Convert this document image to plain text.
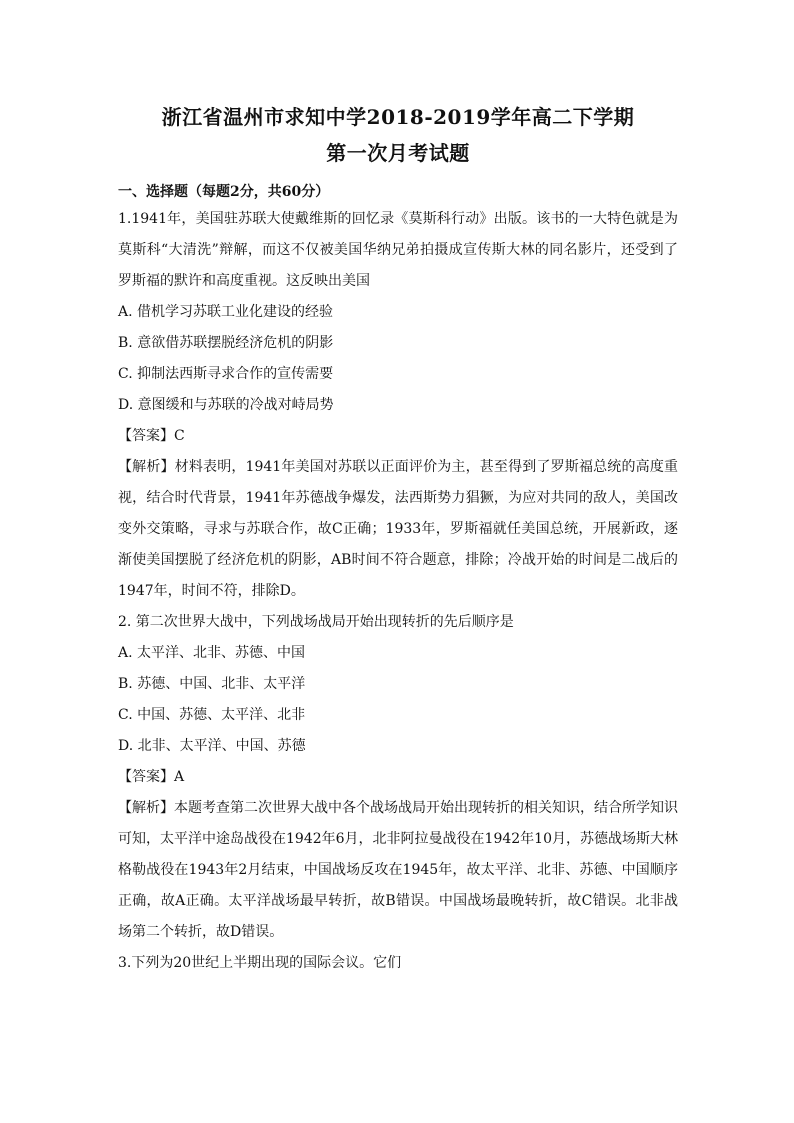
浙江省温州市求知中学2018-2019学年高二下学期
第一次月考试题
一、选择题（每题2分，共60分）
1.1941年，美国驻苏联大使戴维斯的回忆录《莫斯科行动》出版。该书的一大特色就是为莫斯科“大清洗”辩解，而这不仅被美国华纳兄弟拍摄成宣传斯大林的同名影片，还受到了罗斯福的默许和高度重视。这反映出美国
A. 借机学习苏联工业化建设的经验
B. 意欲借苏联摆脱经济危机的阴影
C. 抑制法西斯寻求合作的宣传需要
D. 意图缓和与苏联的冷战对峙局势
【答案】C
【解析】材料表明，1941年美国对苏联以正面评价为主，甚至得到了罗斯福总统的高度重视，结合时代背景，1941年苏德战争爆发，法西斯势力猖獗，为应对共同的敌人，美国改变外交策略，寻求与苏联合作，故C正确；1933年，罗斯福就任美国总统，开展新政，逐渐使美国摆脱了经济危机的阴影，AB时间不符合题意，排除；冷战开始的时间是二战后的1947年，时间不符，排除D。
2. 第二次世界大战中，下列战场战局开始出现转折的先后顺序是
A. 太平洋、北非、苏德、中国
B. 苏德、中国、北非、太平洋
C. 中国、苏德、太平洋、北非
D. 北非、太平洋、中国、苏德
【答案】A
【解析】本题考查第二次世界大战中各个战场战局开始出现转折的相关知识，结合所学知识可知，太平洋中途岛战役在1942年6月，北非阿拉曼战役在1942年10月，苏德战场斯大林格勒战役在1943年2月结束，中国战场反攻在1945年，故太平洋、北非、苏德、中国顺序正确，故A正确。太平洋战场最早转折，故B错误。中国战场最晚转折，故C错误。北非战场第二个转折，故D错误。
3.下列为20世纪上半期出现的国际会议。它们
